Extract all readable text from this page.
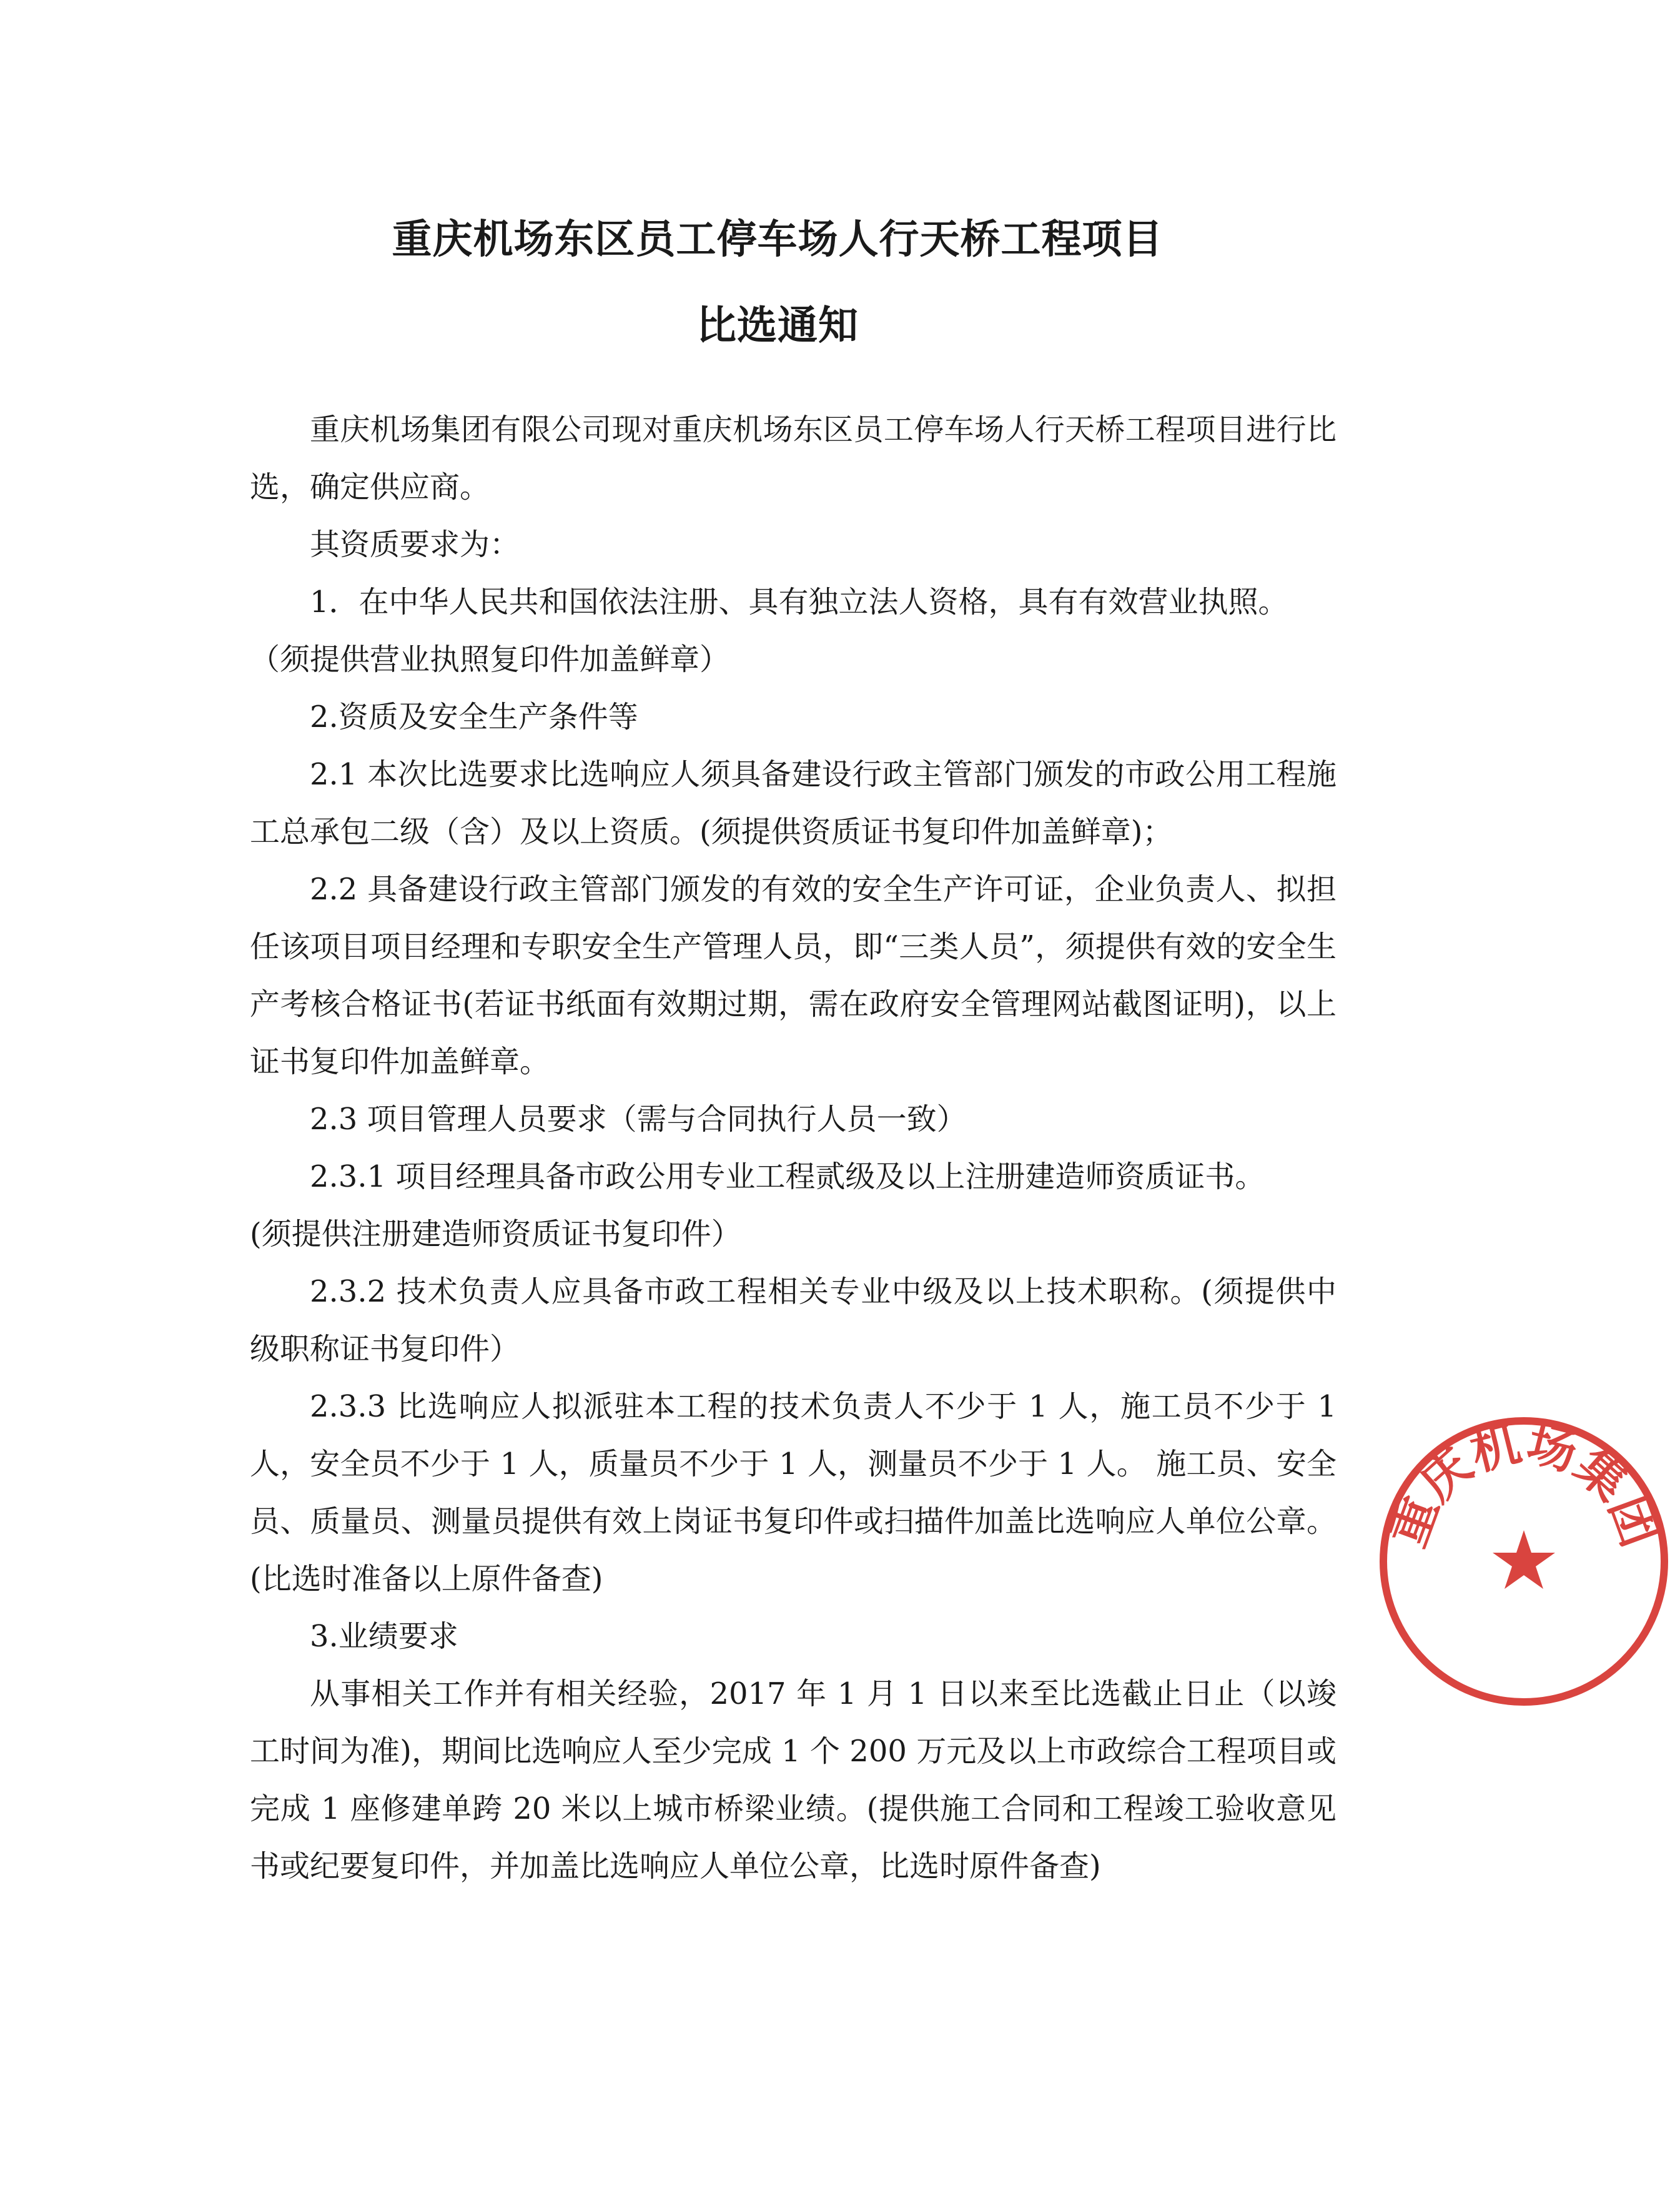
重庆机场东区员工停车场人行天桥工程项目
比选通知

重庆机场集团有限公司现对重庆机场东区员工停车场人行天桥工程项目进行比选，确定供应商。

其资质要求为：

1．在中华人民共和国依法注册、具有独立法人资格，具有有效营业执照。

（须提供营业执照复印件加盖鲜章）

2.资质及安全生产条件等

2.1 本次比选要求比选响应人须具备建设行政主管部门颁发的市政公用工程施工总承包二级（含）及以上资质。(须提供资质证书复印件加盖鲜章)；

2.2 具备建设行政主管部门颁发的有效的安全生产许可证，企业负责人、拟担任该项目项目经理和专职安全生产管理人员，即“三类人员”，须提供有效的安全生产考核合格证书(若证书纸面有效期过期，需在政府安全管理网站截图证明)，以上证书复印件加盖鲜章。

2.3 项目管理人员要求（需与合同执行人员一致）

2.3.1 项目经理具备市政公用专业工程贰级及以上注册建造师资质证书。

(须提供注册建造师资质证书复印件）

2.3.2 技术负责人应具备市政工程相关专业中级及以上技术职称。(须提供中级职称证书复印件）

2.3.3 比选响应人拟派驻本工程的技术负责人不少于 1 人，施工员不少于 1 人，安全员不少于 1 人，质量员不少于 1 人，测量员不少于 1 人。 施工员、安全员、质量员、测量员提供有效上岗证书复印件或扫描件加盖比选响应人单位公章。(比选时准备以上原件备查)

3.业绩要求

从事相关工作并有相关经验，2017 年 1 月 1 日以来至比选截止日止（以竣工时间为准)，期间比选响应人至少完成 1 个 200 万元及以上市政综合工程项目或完成 1 座修建单跨 20 米以上城市桥梁业绩。(提供施工合同和工程竣工验收意见书或纪要复印件，并加盖比选响应人单位公章，比选时原件备查)

重庆机场集团
